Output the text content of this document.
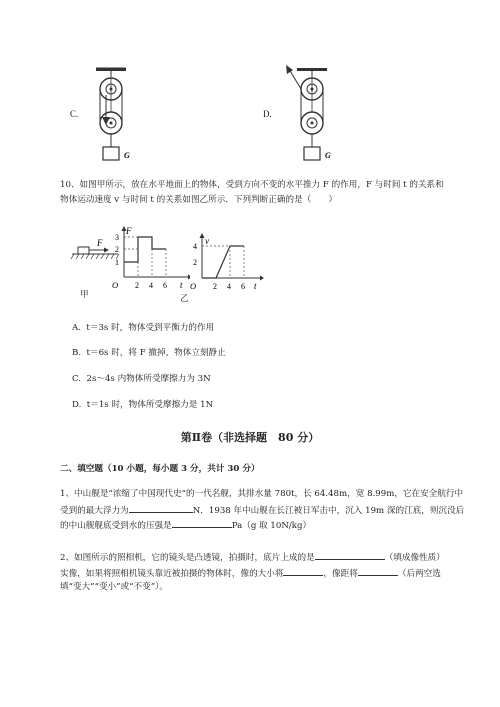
C.
G
D.
G
10、如图甲所示，放在水平地面上的物体，受到方向不变的水平推力 F 的作用，F 与时间 t 的关系和
物体运动速度 v 与时间 t 的关系如图乙所示．下列判断正确的是（　　）
F
甲
F
3
2
1
O 2 4 6 t
乙
v
4
2
O 2 4 6 t
A. t＝3s 时，物体受到平衡力的作用
B. t＝6s 时，将 F 撤掉，物体立刻静止
C. 2s～4s 内物体所受摩擦力为 3N
D. t＝1s 时，物体所受摩擦力是 1N
第Ⅱ卷（非选择题　80 分）
二、填空题（10 小题，每小题 3 分，共计 30 分）
1、中山舰是“浓缩了中国现代史”的一代名舰，其排水量 780t，长 64.48m，宽 8.99m，它在安全航行中
受到的最大浮力为	N．1938 年中山舰在长江被日军击中，沉入 19m 深的江底，则沉没后
的中山舰舰底受到水的压强是	Pa（g 取 10N/kg）
2、如图所示的照相机，它的镜头是凸透镜，拍摄时，底片上成的是	（填成像性质）
实像，如果将照相机镜头靠近被拍摄的物体时，像的大小将	，像距将	（后两空选
填“变大”“变小”或“不变”）。
